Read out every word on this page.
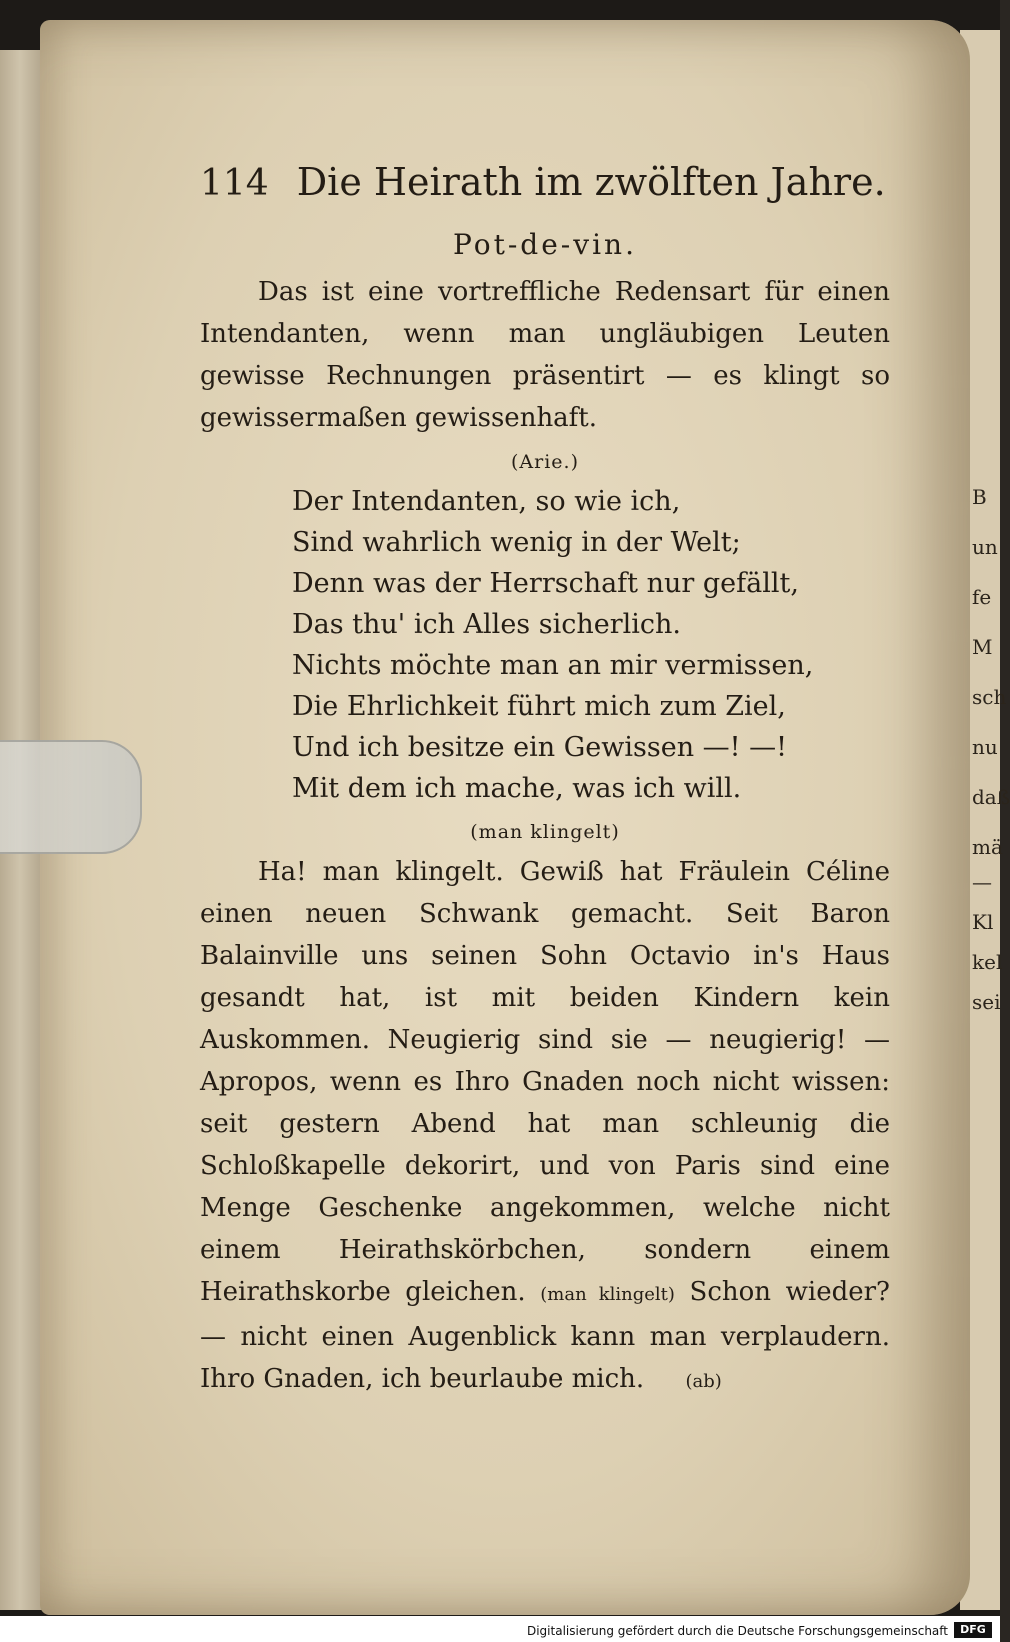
B
un
fe
M
sch
nu
daß
mä
—
Kl
kel
sei
114 Die Heirath im zwölften Jahre.

Pot-de-vin.

Das ist eine vortreffliche Redensart für einen Intendanten, wenn man ungläubigen Leuten gewisse Rechnungen präsentirt — es klingt so gewissermaßen gewissenhaft.

(Arie.)

Der Intendanten, so wie ich,
Sind wahrlich wenig in der Welt;
Denn was der Herrschaft nur gefällt,
Das thu' ich Alles sicherlich.
Nichts möchte man an mir vermissen,
Die Ehrlichkeit führt mich zum Ziel,
Und ich besitze ein Gewissen —! —!
Mit dem ich mache, was ich will.

(man klingelt)

Ha! man klingelt. Gewiß hat Fräulein Céline einen neuen Schwank gemacht. Seit Baron Balainville uns seinen Sohn Octavio in's Haus gesandt hat, ist mit beiden Kindern kein Auskommen. Neugierig sind sie — neugierig! — Apropos, wenn es Ihro Gnaden noch nicht wissen: seit gestern Abend hat man schleunig die Schloßkapelle dekorirt, und von Paris sind eine Menge Geschenke angekommen, welche nicht einem Heirathskörbchen, sondern einem Heirathskorbe gleichen. (man klingelt) Schon wieder? — nicht einen Augenblick kann man verplaudern. Ihro Gnaden, ich beurlaube mich. (ab)

Digitalisierung gefördert durch die Deutsche Forschungsgemeinschaft	DFG
